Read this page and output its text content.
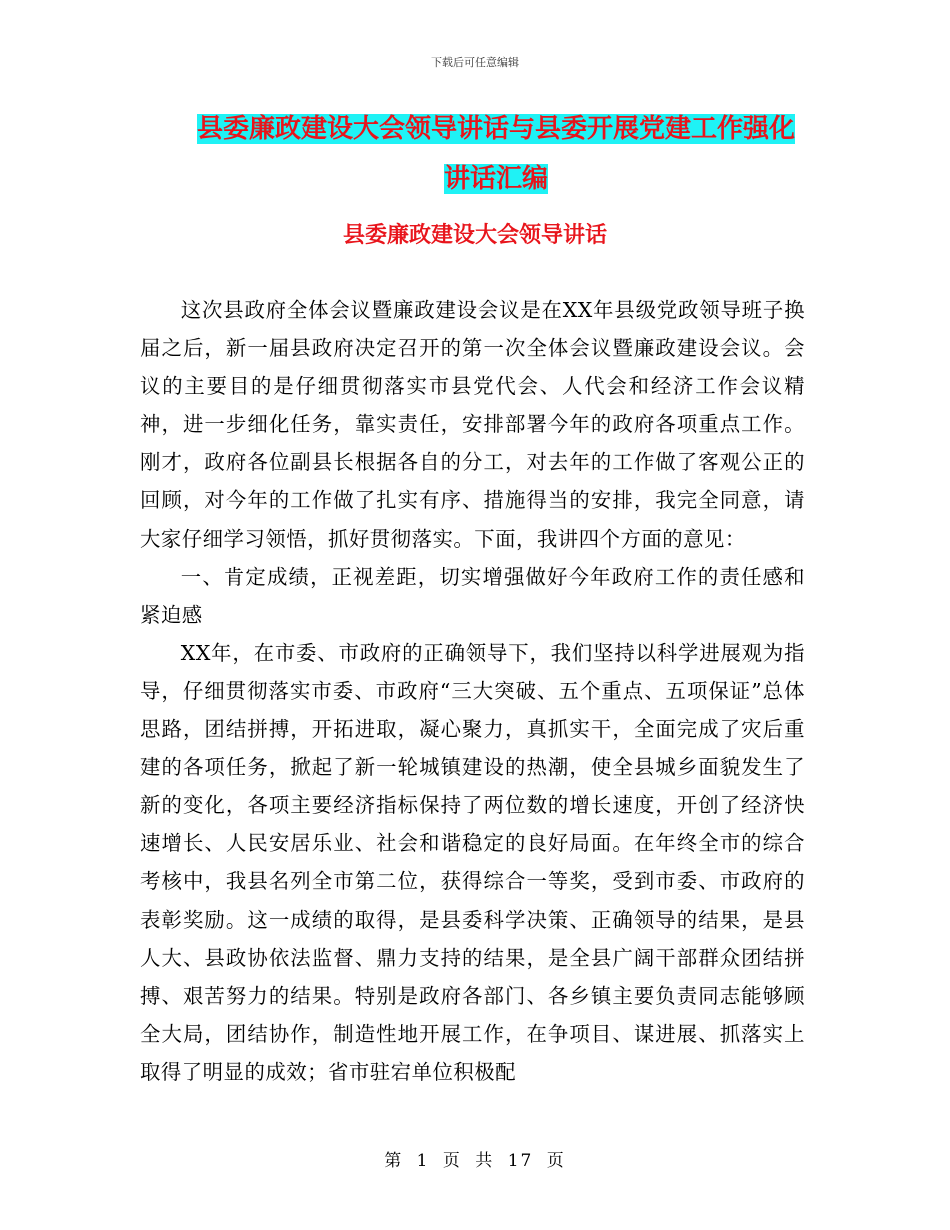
下载后可任意编辑
县委廉政建设大会领导讲话与县委开展党建工作强化
讲话汇编
县委廉政建设大会领导讲话

这次县政府全体会议暨廉政建设会议是在XX年县级党政领导班子换届之后，新一届县政府决定召开的第一次全体会议暨廉政建设会议。会议的主要目的是仔细贯彻落实市县党代会、人代会和经济工作会议精神，进一步细化任务，靠实责任，安排部署今年的政府各项重点工作。刚才，政府各位副县长根据各自的分工，对去年的工作做了客观公正的回顾，对今年的工作做了扎实有序、措施得当的安排，我完全同意，请大家仔细学习领悟，抓好贯彻落实。下面，我讲四个方面的意见：

一、肯定成绩，正视差距，切实增强做好今年政府工作的责任感和紧迫感

XX年，在市委、市政府的正确领导下，我们坚持以科学进展观为指导，仔细贯彻落实市委、市政府“三大突破、五个重点、五项保证”总体思路，团结拼搏，开拓进取，凝心聚力，真抓实干，全面完成了灾后重建的各项任务，掀起了新一轮城镇建设的热潮，使全县城乡面貌发生了新的变化，各项主要经济指标保持了两位数的增长速度，开创了经济快速增长、人民安居乐业、社会和谐稳定的良好局面。在年终全市的综合考核中，我县名列全市第二位，获得综合一等奖，受到市委、市政府的表彰奖励。这一成绩的取得，是县委科学决策、正确领导的结果，是县人大、县政协依法监督、鼎力支持的结果，是全县广阔干部群众团结拼搏、艰苦努力的结果。特别是政府各部门、各乡镇主要负责同志能够顾全大局，团结协作，制造性地开展工作，在争项目、谋进展、抓落实上取得了明显的成效；省市驻宕单位积极配

第 1 页 共 17 页
